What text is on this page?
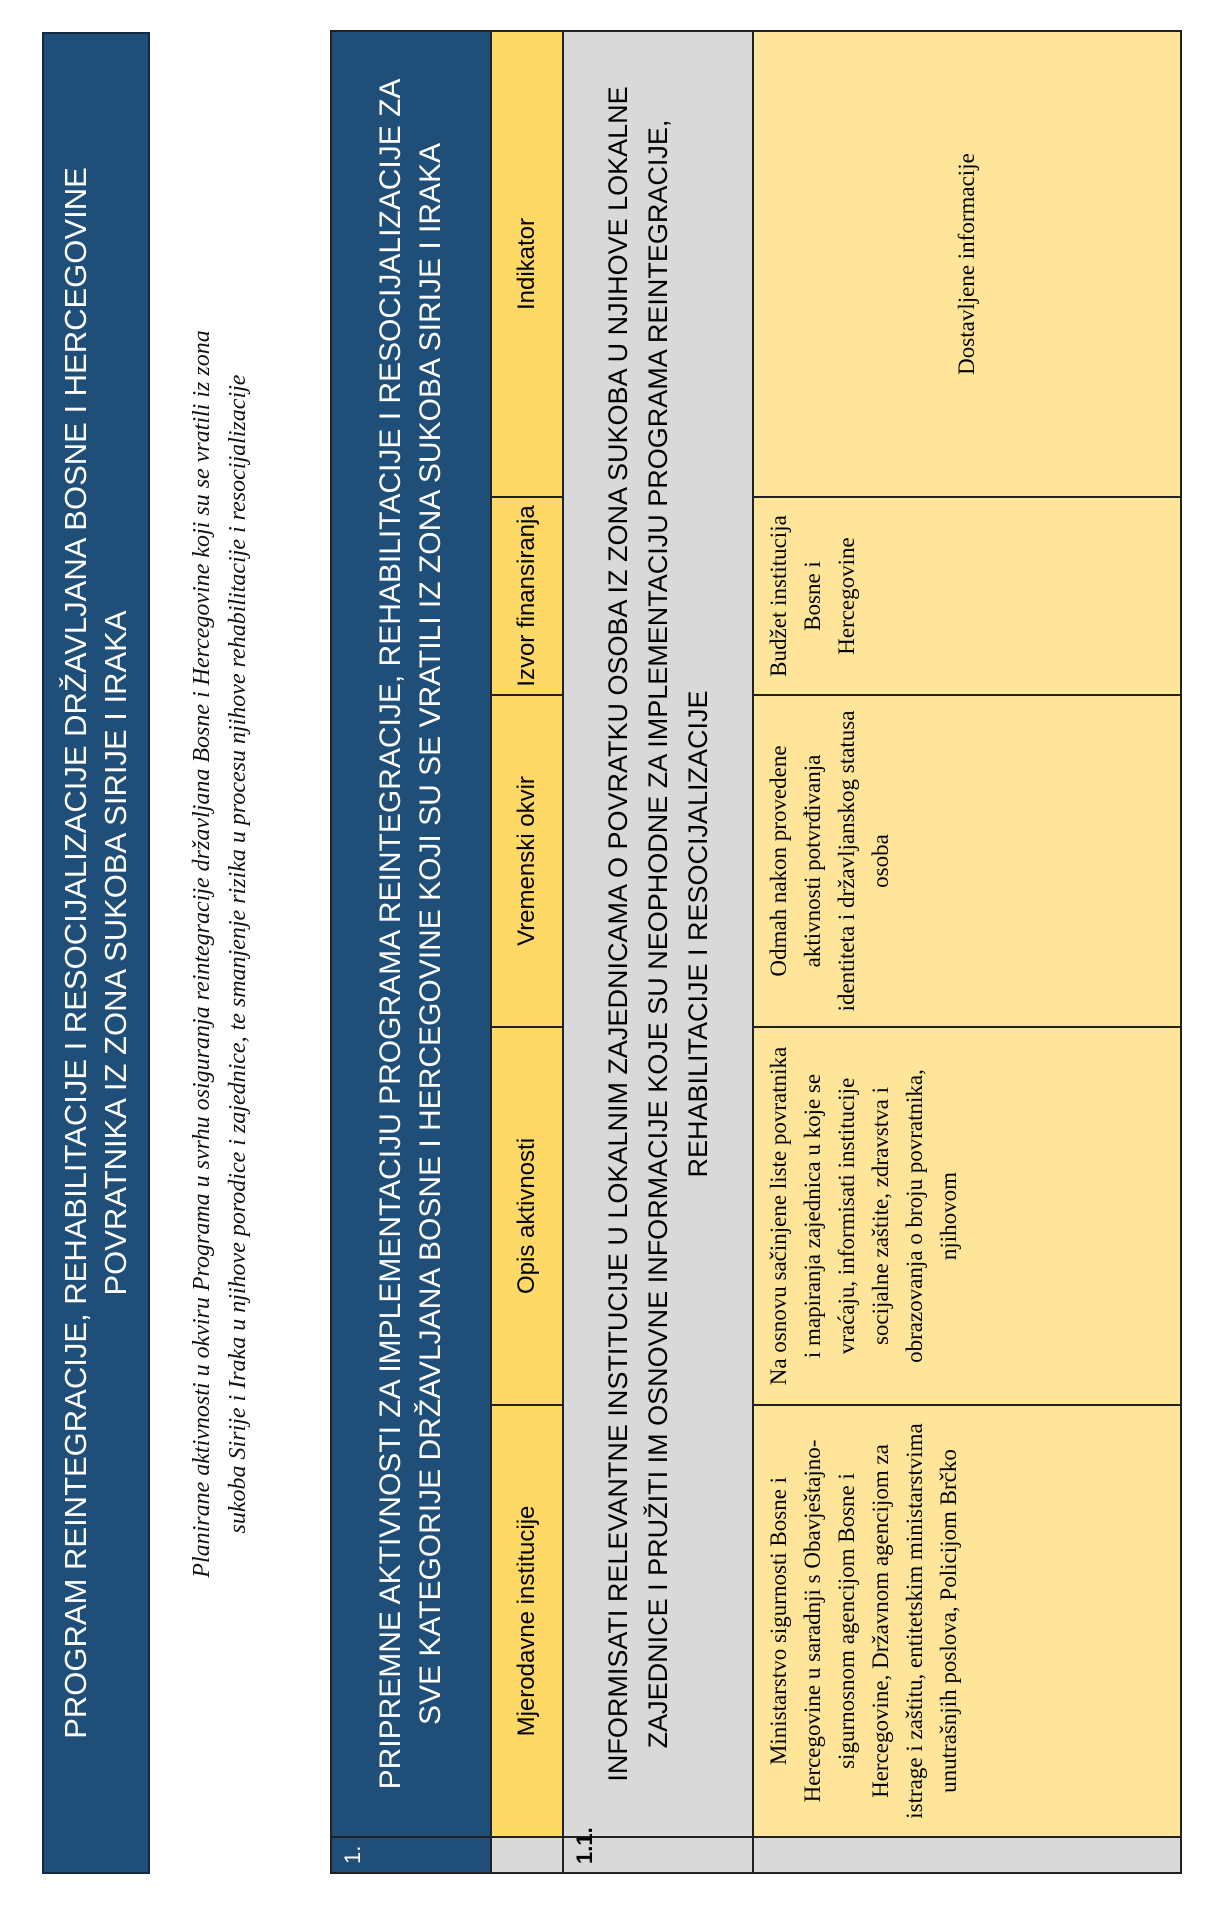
PROGRAM REINTEGRACIJE, REHABILITACIJE I RESOCIJALIZACIJE DRŽAVLJANA BOSNE I HERCEGOVINE POVRATNIKA IZ ZONA SUKOBA SIRIJE I IRAKA Planirane aktivnosti u okviru Programa u svrhu osiguranja reintegracije državljana Bosne i Hercegovine koji su se vratili iz zona sukoba Sirije i Iraka u njihove porodice i zajednice, te smanjenje rizika u procesu njihove rehabilitacije i resocijalizacije
1.	PRIPREMNE AKTIVNOSTI ZA IMPLEMENTACIJU PROGRAMA REINTEGRACIJE, REHABILITACIJE I RESOCIJALIZACIJE ZA SVE KATEGORIJE DRŽAVLJANA BOSNE I HERCEGOVINE KOJI SU SE VRATILI IZ ZONA SUKOBA SIRIJE I IRAKA				
	Mjerodavne institucije	Opis aktivnosti	Vremenski okvir	Izvor finansiranja	Indikator
1.1.	INFORMISATI RELEVANTNE INSTITUCIJE U LOKALNIM ZAJEDNICAMA O POVRATKU OSOBA IZ ZONA SUKOBA U NJIHOVE LOKALNE ZAJEDNICE I PRUŽITI IM OSNOVNE INFORMACIJE KOJE SU NEOPHODNE ZA IMPLEMENTACIJU PROGRAMA REINTEGRACIJE, REHABILITACIJE I RESOCIJALIZACIJE				
	Ministarstvo sigurnosti Bosne i Hercegovine u saradnji s Obavještajno-sigurnosnom agencijom Bosne i Hercegovine, Državnom agencijom za istrage i zaštitu, entitetskim ministarstvima unutrašnjih poslova, Policijom Brčko	Na osnovu sačinjene liste povratnika i mapiranja zajednica u koje se vraćaju, informisati institucije socijalne zaštite, zdravstva i obrazovanja o broju povratnika, njihovom	Odmah nakon provedene aktivnosti potvrđivanja identiteta i državljanskog statusa osoba	Budžet institucija Bosne i Hercegovine	Dostavljene informacije
